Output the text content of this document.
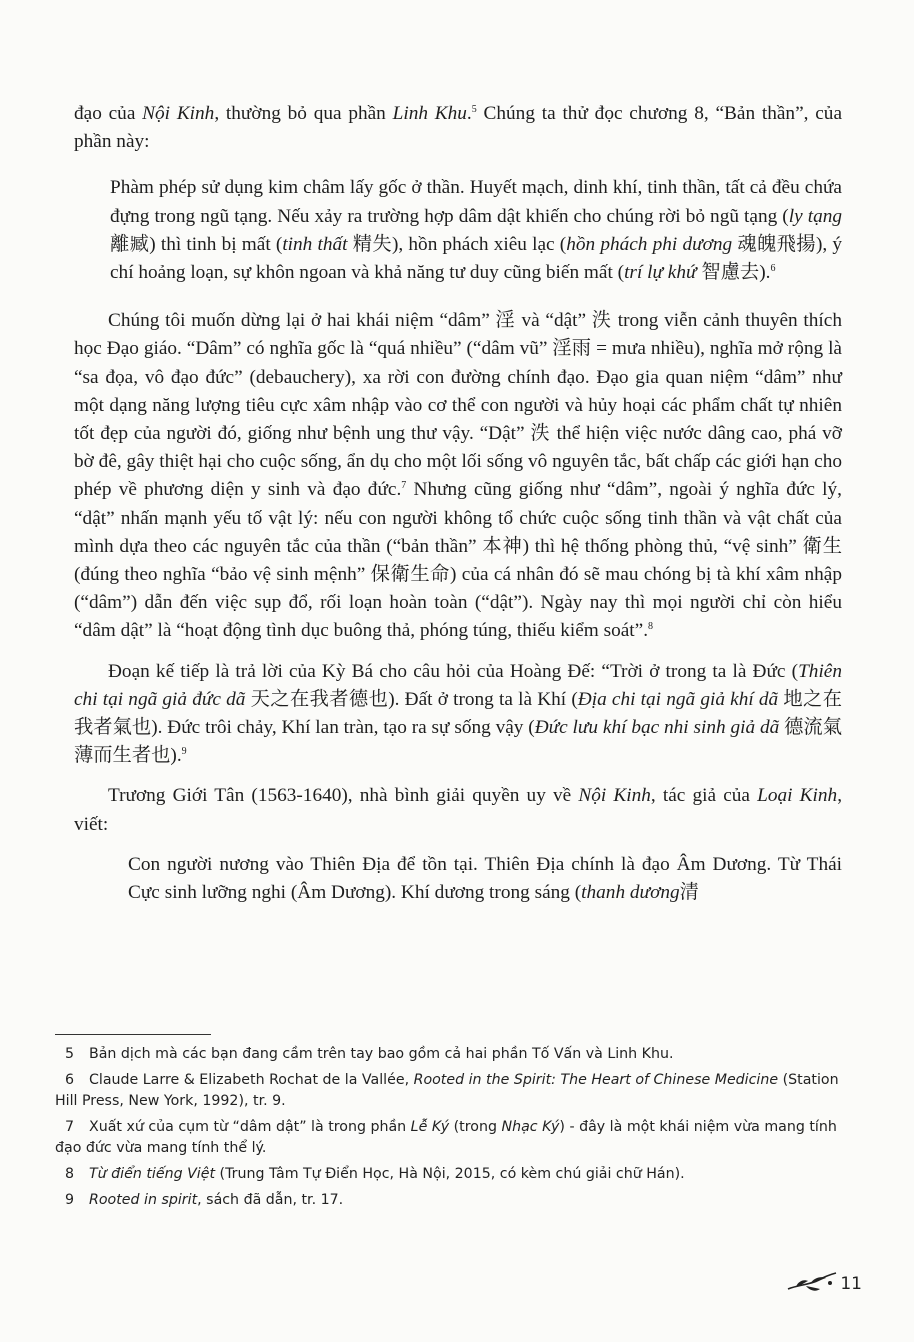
đạo của Nội Kinh, thường bỏ qua phần Linh Khu.$^5$ Chúng ta thử đọc chương 8, “Bản thần”, của phần này:

Phàm phép sử dụng kim châm lấy gốc ở thần. Huyết mạch, dinh khí, tinh thần, tất cả đều chứa đựng trong ngũ tạng. Nếu xảy ra trường hợp dâm dật khiến cho chúng rời bỏ ngũ tạng (ly tạng離臧) thì tinh bị mất (tinh thất 精失), hồn phách xiêu lạc (hồn phách phi dương 魂魄飛揚), ý chí hoảng loạn, sự khôn ngoan và khả năng tư duy cũng biến mất (trí lự khứ 智慮去).$^6$

Chúng tôi muốn dừng lại ở hai khái niệm “dâm” 淫 và “dật” 泆 trong viễn cảnh thuyên thích học Đạo giáo. “Dâm” có nghĩa gốc là “quá nhiều” (“dâm vũ” 淫雨 = mưa nhiều), nghĩa mở rộng là “sa đọa, vô đạo đức” (debauchery), xa rời con đường chính đạo. Đạo gia quan niệm “dâm” như một dạng năng lượng tiêu cực xâm nhập vào cơ thể con người và hủy hoại các phẩm chất tự nhiên tốt đẹp của người đó, giống như bệnh ung thư vậy. “Dật” 泆 thể hiện việc nước dâng cao, phá vỡ bờ đê, gây thiệt hại cho cuộc sống, ẩn dụ cho một lối sống vô nguyên tắc, bất chấp các giới hạn cho phép về phương diện y sinh và đạo đức.$^7$ Nhưng cũng giống như “dâm”, ngoài ý nghĩa đức lý, “dật” nhấn mạnh yếu tố vật lý: nếu con người không tổ chức cuộc sống tinh thần và vật chất của mình dựa theo các nguyên tắc của thần (“bản thần” 本神) thì hệ thống phòng thủ, “vệ sinh” 衛生 (đúng theo nghĩa “bảo vệ sinh mệnh” 保衛生命) của cá nhân đó sẽ mau chóng bị tà khí xâm nhập (“dâm”) dẫn đến việc sụp đổ, rối loạn hoàn toàn (“dật”). Ngày nay thì mọi người chỉ còn hiểu “dâm dật” là “hoạt động tình dục buông thả, phóng túng, thiếu kiểm soát”.$^8$

Đoạn kế tiếp là trả lời của Kỳ Bá cho câu hỏi của Hoàng Đế: “Trời ở trong ta là Đức (Thiên chi tại ngã giả đức dã 天之在我者德也). Đất ở trong ta là Khí (Địa chi tại ngã giả khí dã 地之在我者氣也). Đức trôi chảy, Khí lan tràn, tạo ra sự sống vậy (Đức lưu khí bạc nhi sinh giả dã 德流氣薄而生者也).$^9$

Trương Giới Tân (1563-1640), nhà bình giải quyền uy về Nội Kinh, tác giả của Loại Kinh, viết:

Con người nương vào Thiên Địa để tồn tại. Thiên Địa chính là đạo Âm Dương. Từ Thái Cực sinh lưỡng nghi (Âm Dương). Khí dương trong sáng (thanh dương清

5 Bản dịch mà các bạn đang cầm trên tay bao gồm cả hai phần Tố Vấn và Linh Khu.

6 Claude Larre & Elizabeth Rochat de la Vallée, Rooted in the Spirit: The Heart of Chinese Medicine (Station Hill Press, New York, 1992), tr. 9.

7 Xuất xứ của cụm từ “dâm dật” là trong phần Lễ Ký (trong Nhạc Ký) - đây là một khái niệm vừa mang tính đạo đức vừa mang tính thể lý.

8 Từ điển tiếng Việt (Trung Tâm Tự Điển Học, Hà Nội, 2015, có kèm chú giải chữ Hán).

9 Rooted in spirit, sách đã dẫn, tr. 17.

11
